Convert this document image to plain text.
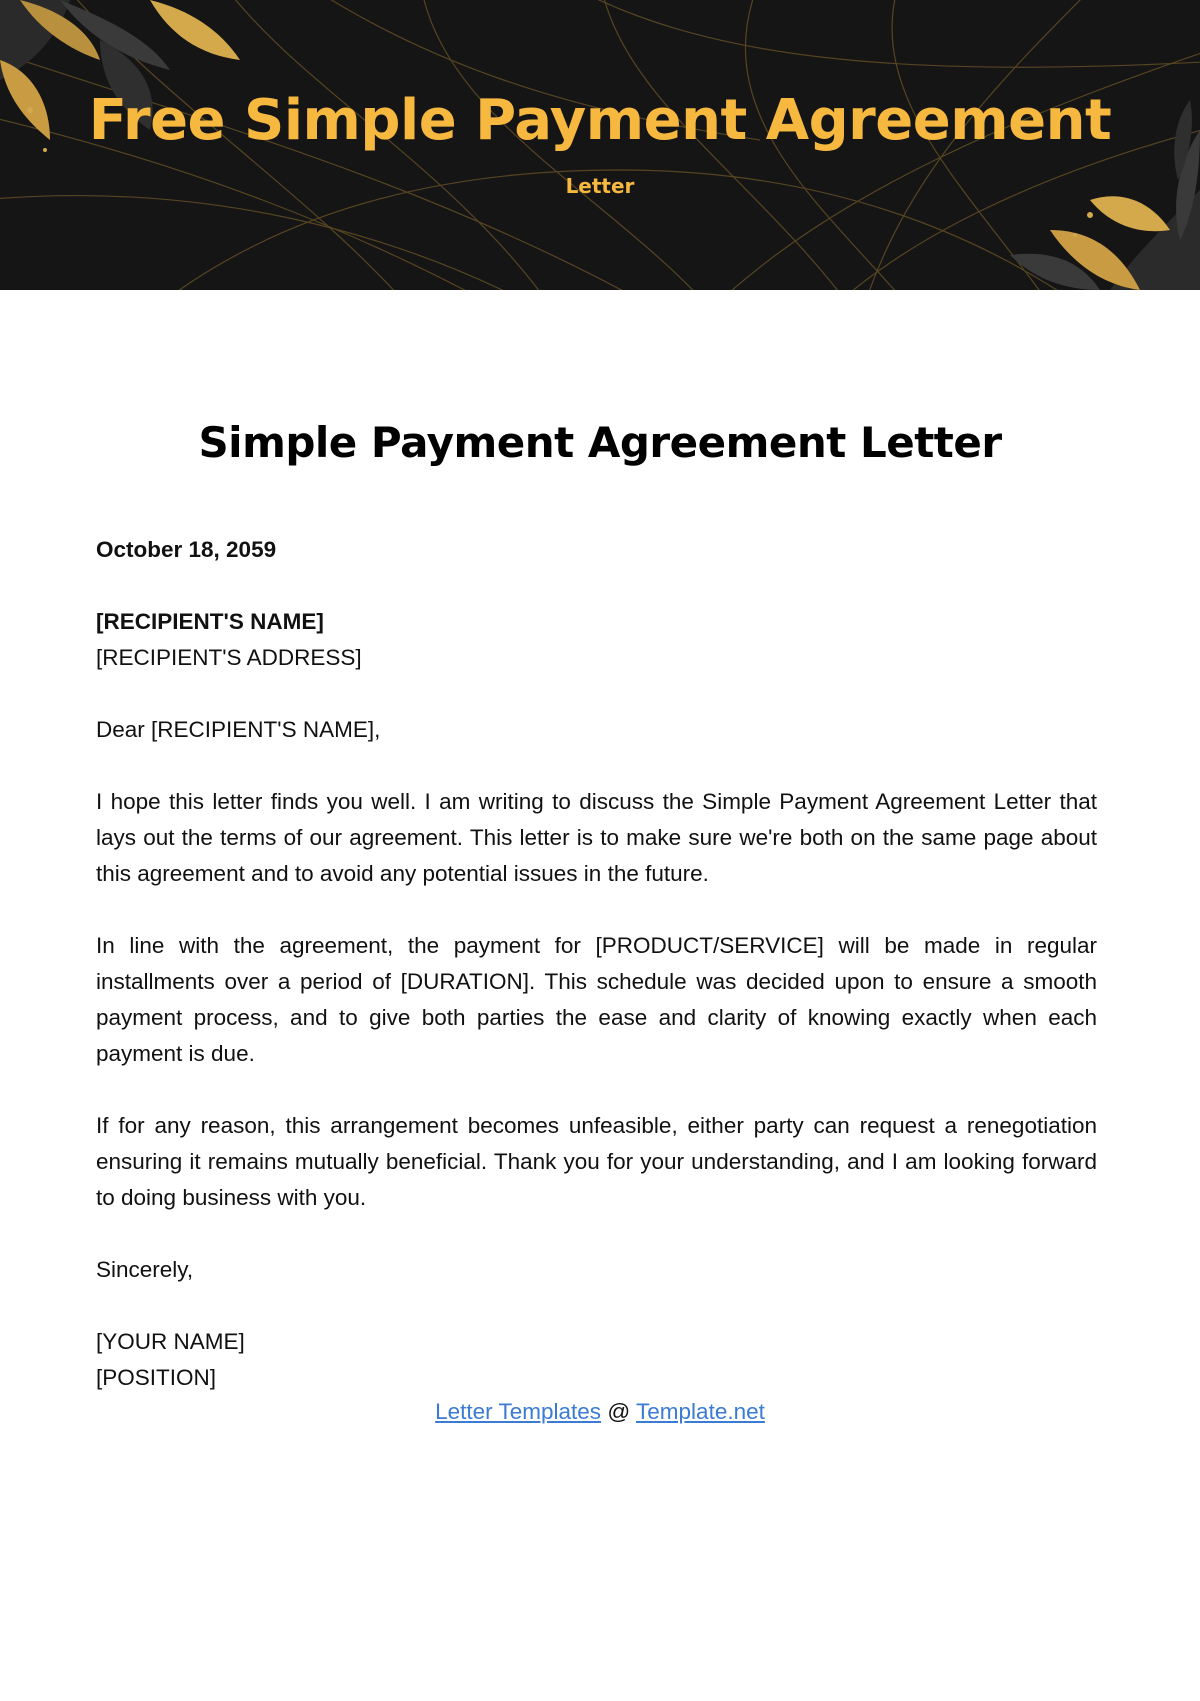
Free Simple Payment Agreement
Letter
Simple Payment Agreement Letter

October 18, 2059

[RECIPIENT'S NAME]
[RECIPIENT'S ADDRESS]

Dear [RECIPIENT'S NAME],

I hope this letter finds you well. I am writing to discuss the Simple Payment Agreement Letter that lays out the terms of our agreement. This letter is to make sure we're both on the same page about this agreement and to avoid any potential issues in the future.

In line with the agreement, the payment for [PRODUCT/SERVICE] will be made in regular installments over a period of [DURATION]. This schedule was decided upon to ensure a smooth payment process, and to give both parties the ease and clarity of knowing exactly when each payment is due.

If for any reason, this arrangement becomes unfeasible, either party can request a renegotiation ensuring it remains mutually beneficial. Thank you for your understanding, and I am looking forward to doing business with you.

Sincerely,

[YOUR NAME]
[POSITION]

Letter Templates @ Template.net
